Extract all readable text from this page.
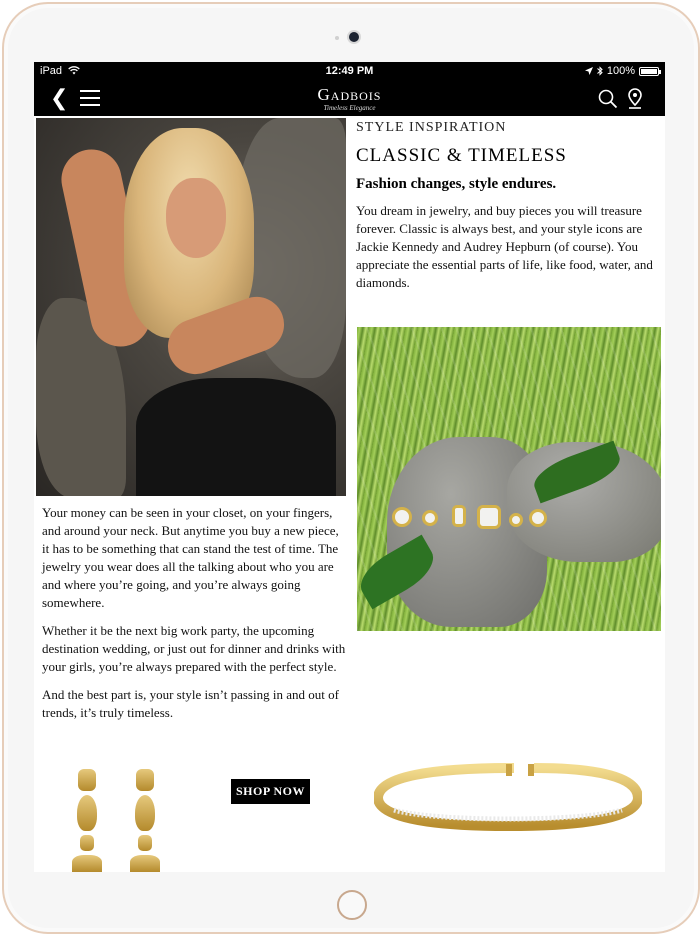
iPad	12:49 PM	100%
❮	Gadbois
Timeless Elegance
STYLE INSPIRATION
CLASSIC & TIMELESS
Fashion changes, style endures.
You dream in jewelry, and buy pieces you will treasure forever. Classic is always best, and your style icons are Jackie Kennedy and Audrey Hepburn (of course). You appreciate the essential parts of life, like food, water, and diamonds.

Your money can be seen in your closet, on your fingers, and around your neck. But anytime you buy a new piece, it has to be something that can stand the test of time. The jewelry you wear does all the talking about who you are and where you’re going, and you’re always going somewhere.

Whether it be the next big work party, the upcoming destination wedding, or just out for dinner and drinks with your girls, you’re always prepared with the perfect style.

And the best part is, your style isn’t passing in and out of trends, it’s truly timeless.

SHOP NOW
